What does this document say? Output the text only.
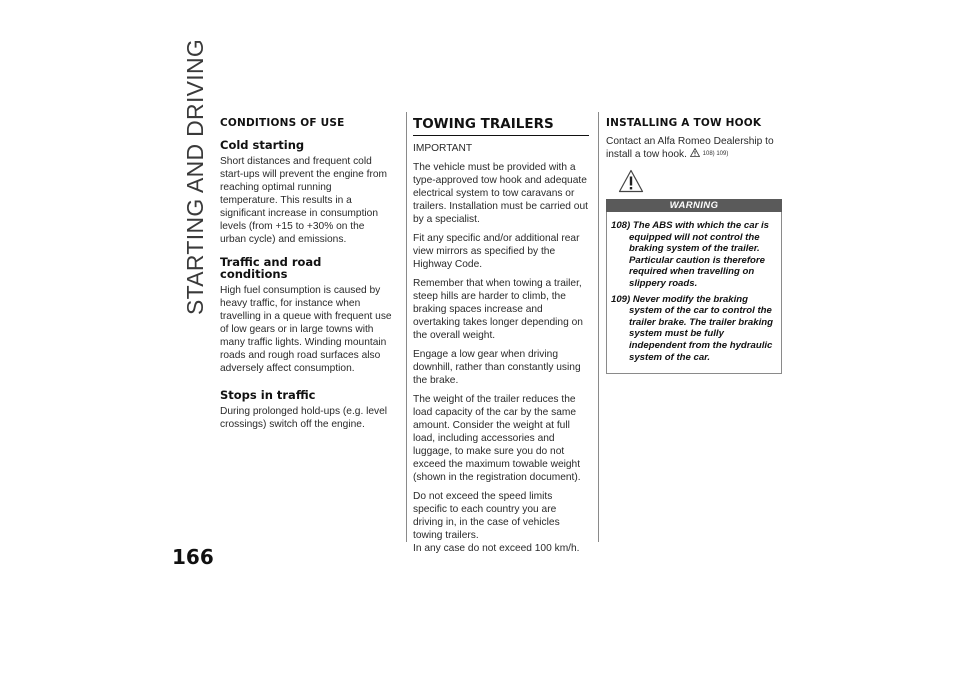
STARTING AND DRIVING
166
CONDITIONS OF USE
Cold starting

Short distances and frequent cold start-ups will prevent the engine from reaching optimal running temperature. This results in a significant increase in consumption levels (from +15 to +30% on the urban cycle) and emissions.

Traffic and road conditions

High fuel consumption is caused by heavy traffic, for instance when travelling in a queue with frequent use of low gears or in large towns with many traffic lights. Winding mountain roads and rough road surfaces also adversely affect consumption.

Stops in traffic

During prolonged hold-ups (e.g. level crossings) switch off the engine.

TOWING TRAILERS

IMPORTANT

The vehicle must be provided with a type-approved tow hook and adequate electrical system to tow caravans or trailers. Installation must be carried out by a specialist.

Fit any specific and/or additional rear view mirrors as specified by the Highway Code.

Remember that when towing a trailer, steep hills are harder to climb, the braking spaces increase and overtaking takes longer depending on the overall weight.

Engage a low gear when driving downhill, rather than constantly using the brake.

The weight of the trailer reduces the load capacity of the car by the same amount. Consider the weight at full load, including accessories and luggage, to make sure you do not exceed the maximum towable weight (shown in the registration document).

Do not exceed the speed limits specific to each country you are driving in, in the case of vehicles towing trailers.

In any case do not exceed 100 km/h.

INSTALLING A TOW HOOK

Contact an Alfa Romeo Dealership to install a tow hook.	$^{108) 109)}$

WARNING
108) The ABS with which the car is equipped will not control the braking system of the trailer. Particular caution is therefore required when travelling on slippery roads.
109) Never modify the braking system of the car to control the trailer brake. The trailer braking system must be fully independent from the hydraulic system of the car.
